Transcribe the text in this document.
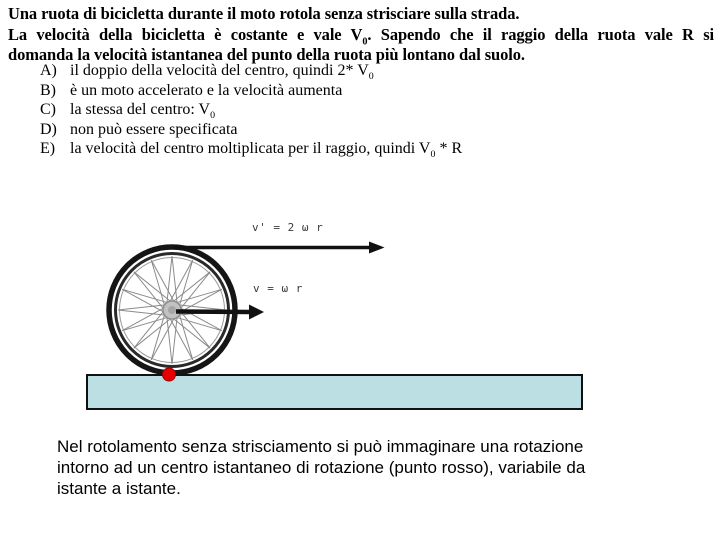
Una ruota di bicicletta durante il moto rotola senza strisciare sulla strada.
La velocità della bicicletta è costante e vale $V_0$. Sapendo che il raggio della ruota vale R si
domanda la velocità istantanea del punto della ruota più lontano dal suolo.
A) il doppio della velocità del centro, quindi 2* $V_0$
B) è un moto accelerato e la velocità aumenta
C) la stessa del centro: $V_0$
D) non può essere specificata
E) la velocità del centro moltiplicata per il raggio, quindi $V_0$ * R
v' = 2 ω r
v = ω r
Nel rotolamento senza strisciamento si può immaginare una rotazione
intorno ad un centro istantaneo di rotazione (punto rosso), variabile da
istante a istante.
